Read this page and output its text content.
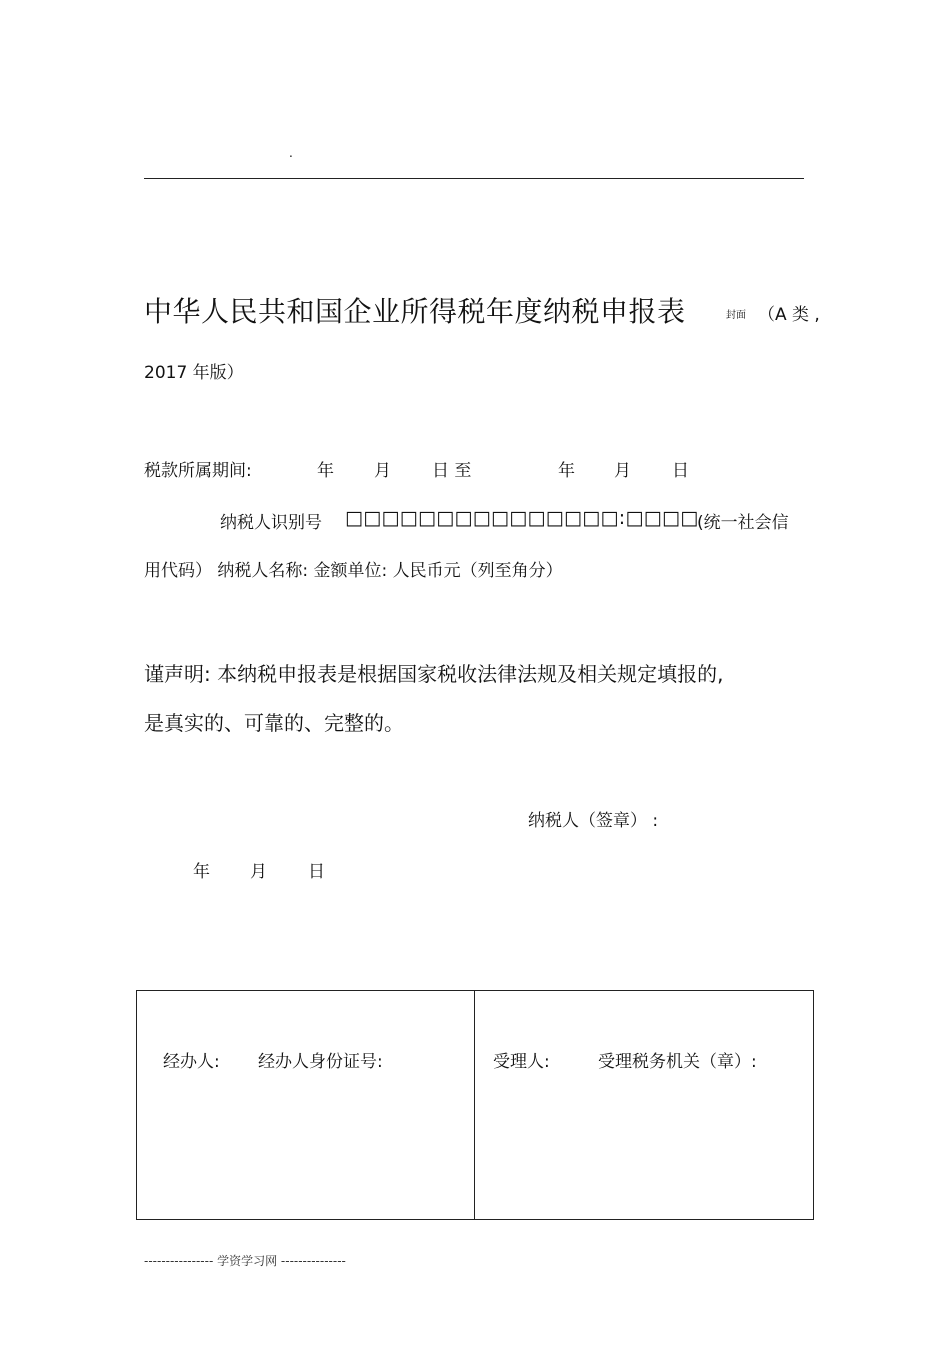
.
中华人民共和国企业所得税年度纳税申报表	封面 （A 类 ,
2017 年版）
税款所属期间:	年 月 日 至	年 月 日
纳税人识别号 □□□□□□□□□□□□□□□:□□□□
(统一社会信
用代码） 纳税人名称: 金额单位: 人民币元（列至角分）
谨声明: 本纳税申报表是根据国家税收法律法规及相关规定填报的,
是真实的、可靠的、完整的。
纳税人（签章） :
年 月 日
经办人: 经办人身份证号:	受理人:	受理税务机关（章）:
---------------- 学资学习网 ---------------
